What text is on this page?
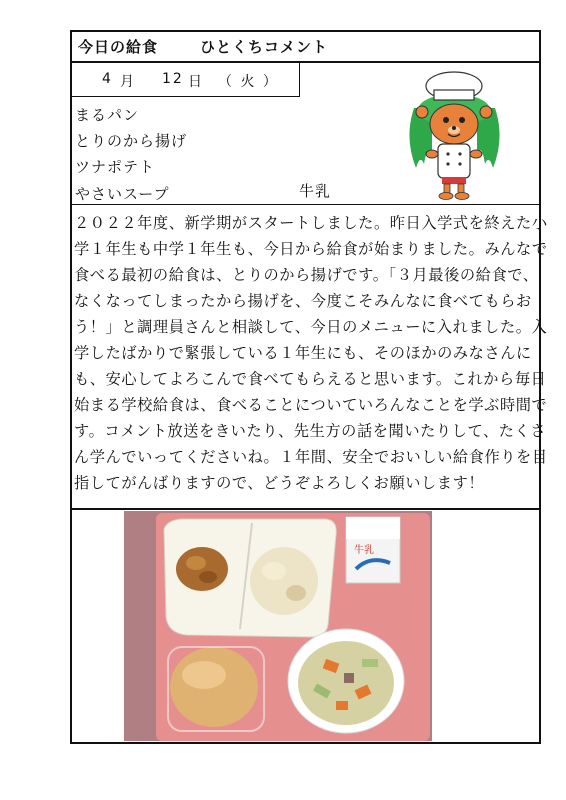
今日の給食	ひとくちコメント
4 月 12 日 （ 火 ）
まるパン
とりのから揚げ
ツナポテト
やさいスープ	牛乳
２０２２年度、新学期がスタートしました。昨日入学式を終えた小
学１年生も中学１年生も、今日から給食が始まりました。みんなで
食べる最初の給食は、とりのから揚げです。「３月最後の給食で、
なくなってしまったから揚げを、今度こそみんなに食べてもらお
う！」と調理員さんと相談して、今日のメニューに入れました。入
学したばかりで緊張している１年生にも、そのほかのみなさんに
も、安心してよろこんで食べてもらえると思います。これから毎日
始まる学校給食は、食べることについていろんなことを学ぶ時間で
す。コメント放送をきいたり、先生方の話を聞いたりして、たくさ
ん学んでいってくださいね。１年間、安全でおいしい給食作りを目
指してがんばりますので、どうぞよろしくお願いします！
牛乳
